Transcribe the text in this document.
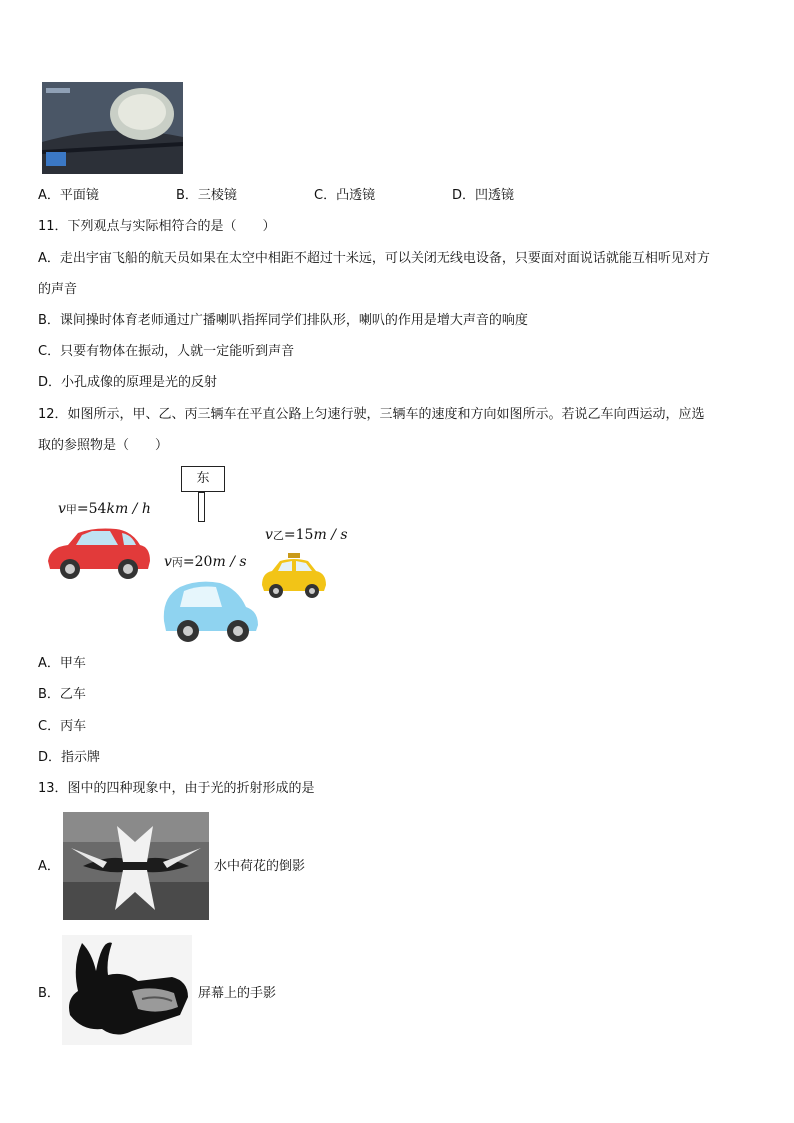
A．平面镜	B．三棱镜	C．凸透镜	D．凹透镜
11．下列观点与实际相符合的是（　　）
A．走出宇宙飞船的航天员如果在太空中相距不超过十米远，可以关闭无线电设备，只要面对面说话就能互相听见对方
的声音
B．课间操时体育老师通过广播喇叭指挥同学们排队形，喇叭的作用是增大声音的响度
C．只要有物体在振动，人就一定能听到声音
D．小孔成像的原理是光的反射
12．如图所示，甲、乙、丙三辆车在平直公路上匀速行驶，三辆车的速度和方向如图所示。若说乙车向西运动，应选
取的参照物是（　　）
东
v甲=54km / h
v乙=15m / s
v丙=20m / s
A．甲车
B．乙车
C．丙车
D．指示牌
13．图中的四种现象中，由于光的折射形成的是
A．	水中荷花的倒影
B．	屏幕上的手影
